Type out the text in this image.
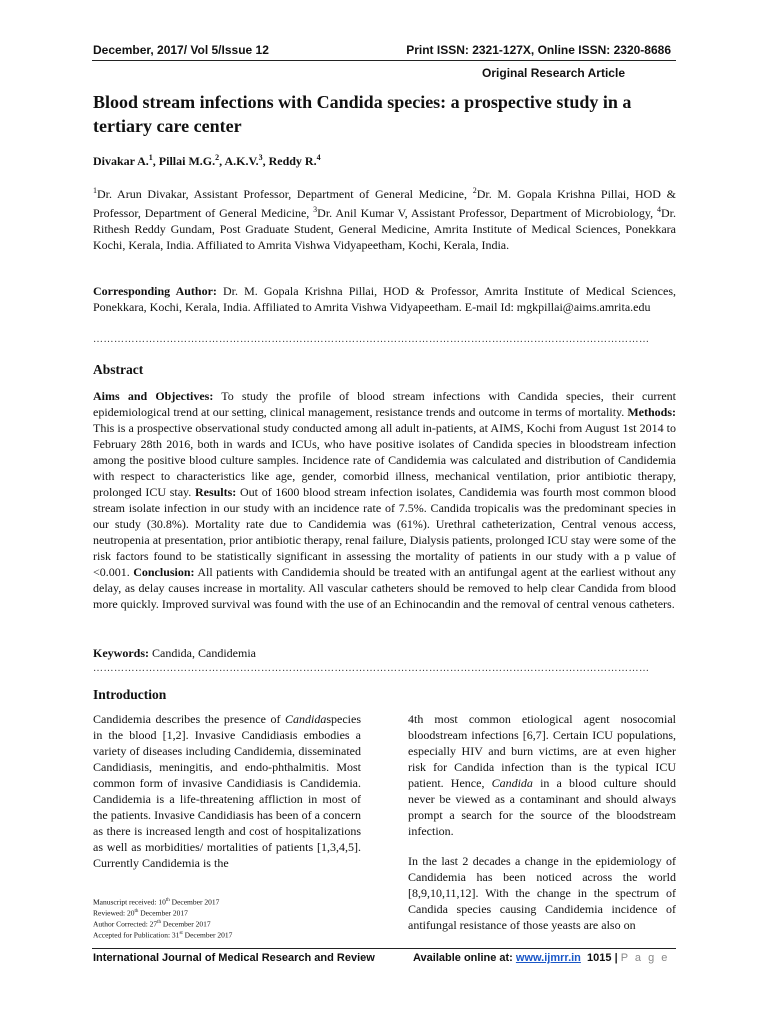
December, 2017/ Vol 5/Issue 12	Print ISSN: 2321-127X, Online ISSN: 2320-8686
Original Research Article
Blood stream infections with Candida species: a prospective study in a tertiary care center
Divakar A.$^1$, Pillai M.G.$^2$, A.K.V.$^3$, Reddy R.$^4$

$^1$Dr. Arun Divakar, Assistant Professor, Department of General Medicine, $^2$Dr. M. Gopala Krishna Pillai, HOD & Professor, Department of General Medicine, $^3$Dr. Anil Kumar V, Assistant Professor, Department of Microbiology, $^4$Dr. Rithesh Reddy Gundam, Post Graduate Student, General Medicine, Amrita Institute of Medical Sciences, Ponekkara Kochi, Kerala, India. Affiliated to Amrita Vishwa Vidyapeetham, Kochi, Kerala, India.

Corresponding Author: Dr. M. Gopala Krishna Pillai, HOD & Professor, Amrita Institute of Medical Sciences, Ponekkara, Kochi, Kerala, India. Affiliated to Amrita Vishwa Vidyapeetham. E-mail Id: mgkpillai@aims.amrita.edu

……………………………………………………………………………………………………………………………………………
Abstract

Aims and Objectives: To study the profile of blood stream infections with Candida species, their current epidemiological trend at our setting, clinical management, resistance trends and outcome in terms of mortality. Methods: This is a prospective observational study conducted among all adult in-patients, at AIMS, Kochi from August 1st 2014 to February 28th 2016, both in wards and ICUs, who have positive isolates of Candida species in bloodstream infection among the positive blood culture samples. Incidence rate of Candidemia was calculated and distribution of Candidemia with respect to characteristics like age, gender, comorbid illness, mechanical ventilation, prior antibiotic therapy, prolonged ICU stay. Results: Out of 1600 blood stream infection isolates, Candidemia was fourth most common blood stream isolate infection in our study with an incidence rate of 7.5%. Candida tropicalis was the predominant species in our study (30.8%). Mortality rate due to Candidemia was (61%). Urethral catheterization, Central venous access, neutropenia at presentation, prior antibiotic therapy, renal failure, Dialysis patients, prolonged ICU stay were some of the risk factors found to be statistically significant in assessing the mortality of patients in our study with a p value of <0.001. Conclusion: All patients with Candidemia should be treated with an antifungal agent at the earliest without any delay, as delay causes increase in mortality. All vascular catheters should be removed to help clear Candida from blood more quickly. Improved survival was found with the use of an Echinocandin and the removal of central venous catheters.

Keywords: Candida, Candidemia

……………………………………………………………………………………………………………………………………………
Introduction

Candidemia describes the presence of Candidaspecies in the blood [1,2]. Invasive Candidiasis embodies a variety of diseases including Candidemia, disseminated Candidiasis, meningitis, and endo-phthalmitis. Most common form of invasive Candidiasis is Candidemia. Candidemia is a life-threatening affliction in most of the patients. Invasive Candidiasis has been of a concern as there is increased length and cost of hospitalizations as well as morbidities/ mortalities of patients [1,3,4,5]. Currently Candidemia is the

4th most common etiological agent nosocomial bloodstream infections [6,7]. Certain ICU populations, especially HIV and burn victims, are at even higher risk for Candida infection than is the typical ICU patient. Hence, Candida in a blood culture should never be viewed as a contaminant and should always prompt a search for the source of the bloodstream infection.

In the last 2 decades a change in the epidemiology of Candidemia has been noticed across the world [8,9,10,11,12]. With the change in the spectrum of Candida species causing Candidemia incidence of antifungal resistance of those yeasts are also on

Manuscript received: 10th December 2017
Reviewed: 20th December 2017
Author Corrected: 27th December 2017
Accepted for Publication: 31st December 2017
International Journal of Medical Research and Review	Available online at: www.ijmrr.in 1015 | P a g e
